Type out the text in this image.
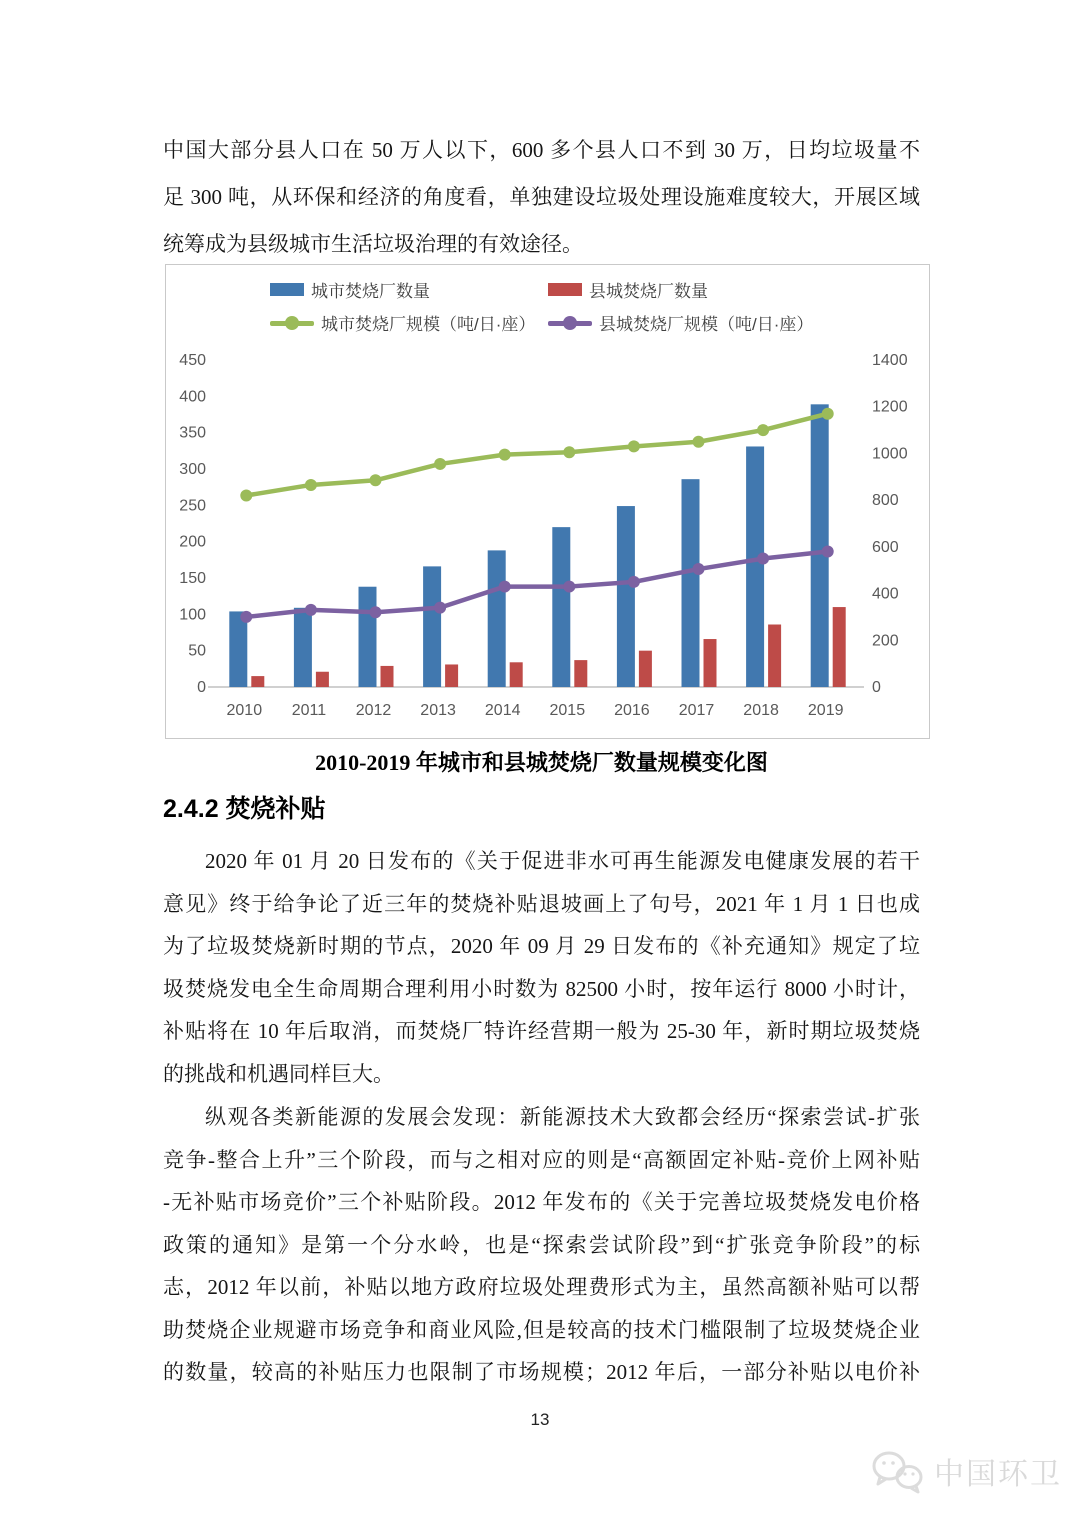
中国大部分县人口在 50 万人以下，600 多个县人口不到 30 万，日均垃圾量不
足 300 吨，从环保和经济的角度看，单独建设垃圾处理设施难度较大，开展区域
统筹成为县级城市生活垃圾治理的有效途径。
城市焚烧厂数量	县城焚烧厂数量
城市焚烧厂规模（吨/日·座）	县城焚烧厂规模（吨/日·座）
0
50
100
150
200
250
300
350
400
450
0
200
400
600
800
1000
1200
1400
2010 2011 2012 2013 2014 2015 2016 2017 2018 2019
2010-2019 年城市和县城焚烧厂数量规模变化图
2.4.2 焚烧补贴
2020 年 01 月 20 日发布的《关于促进非水可再生能源发电健康发展的若干
意见》终于给争论了近三年的焚烧补贴退坡画上了句号，2021 年 1 月 1 日也成
为了垃圾焚烧新时期的节点，2020 年 09 月 29 日发布的《补充通知》规定了垃
圾焚烧发电全生命周期合理利用小时数为 82500 小时，按年运行 8000 小时计，
补贴将在 10 年后取消，而焚烧厂特许经营期一般为 25-30 年，新时期垃圾焚烧
的挑战和机遇同样巨大。
纵观各类新能源的发展会发现：新能源技术大致都会经历“探索尝试-扩张
竞争-整合上升”三个阶段，而与之相对应的则是“高额固定补贴-竞价上网补贴
-无补贴市场竞价”三个补贴阶段。2012 年发布的《关于完善垃圾焚烧发电价格
政策的通知》是第一个分水岭，也是“探索尝试阶段”到“扩张竞争阶段”的标
志，2012 年以前，补贴以地方政府垃圾处理费形式为主，虽然高额补贴可以帮
助焚烧企业规避市场竞争和商业风险,但是较高的技术门槛限制了垃圾焚烧企业
的数量，较高的补贴压力也限制了市场规模；2012 年后，一部分补贴以电价补
13
中国环卫
